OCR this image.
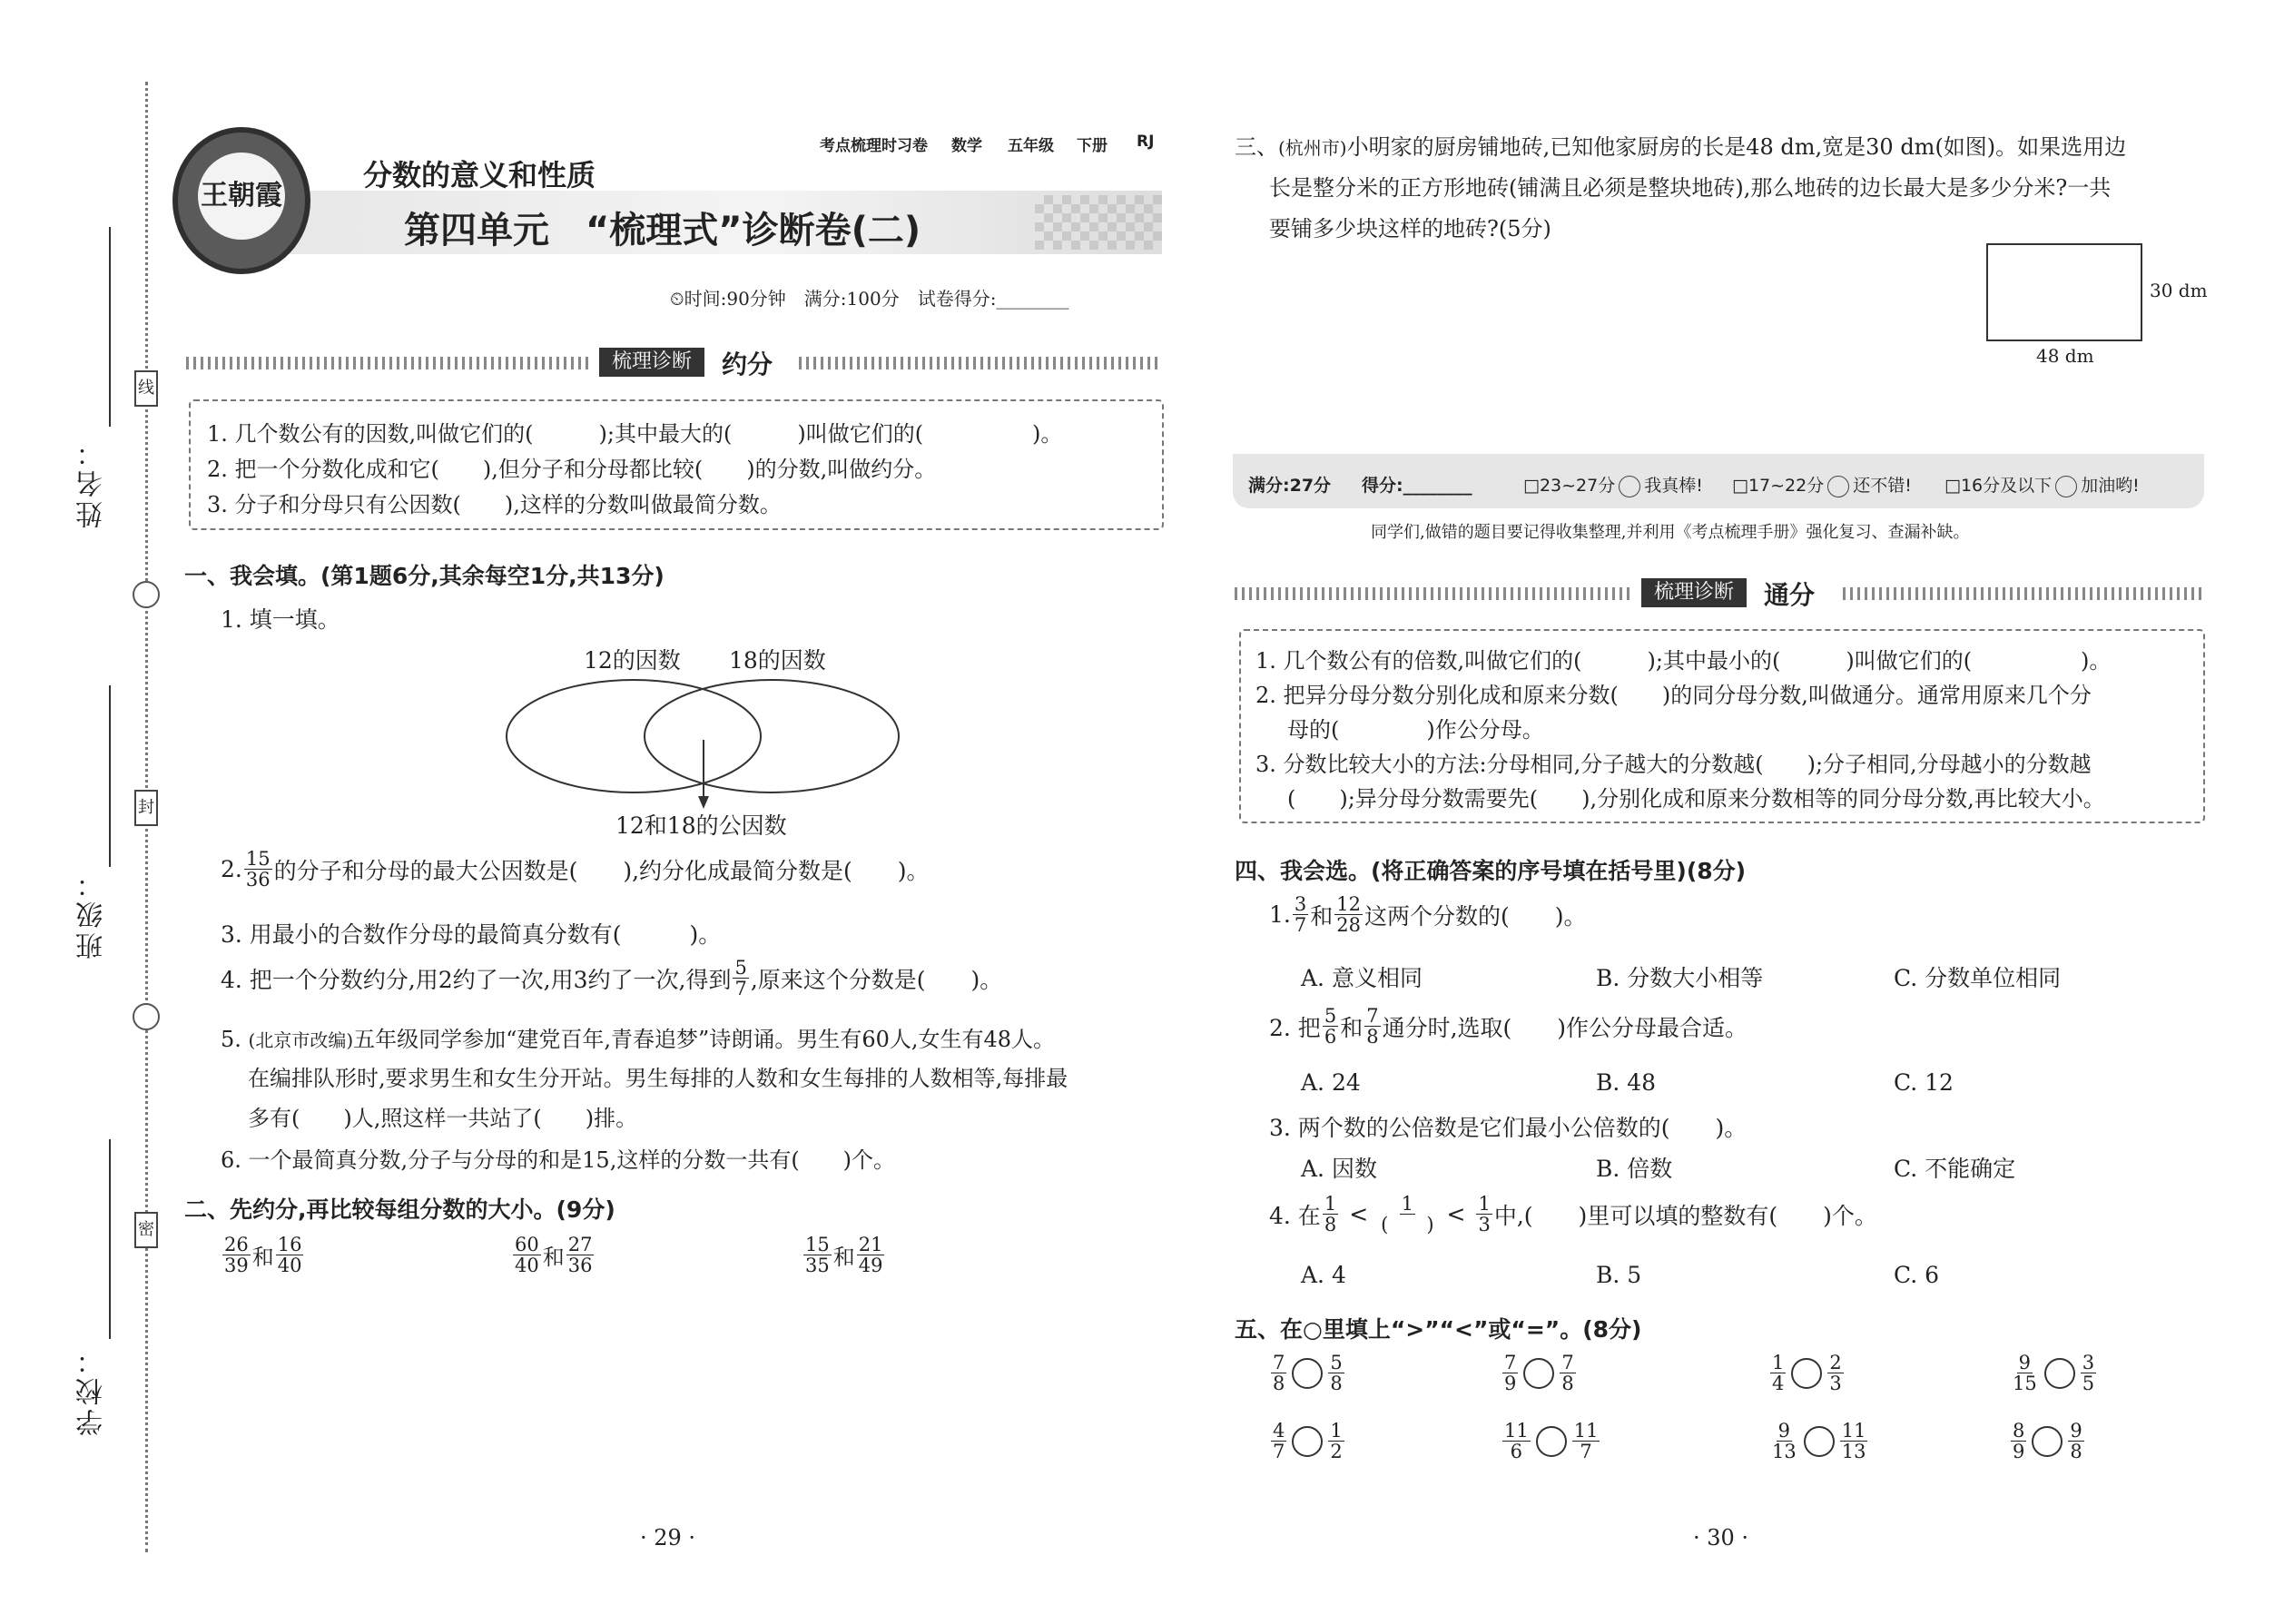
姓名：
班级：
学校：
线
封
密
考点梳理时习卷 数学 五年级 下册 RJ
王朝霞
分数的意义和性质
第四单元　“梳理式”诊断卷(二)
⏲时间:90分钟　满分:100分　试卷得分:________
梳理诊断	约分
1. 几个数公有的因数,叫做它们的(　　　);其中最大的(　　　)叫做它们的(　　　　　)。
2. 把一个分数化成和它(　　),但分子和分母都比较(　　)的分数,叫做约分。
3. 分子和分母只有公因数(　　),这样的分数叫做最简分数。
一、我会填。(第1题6分,其余每空1分,共13分)
1. 填一填。
12的因数 18的因数
12和18的公因数
2. $\frac{15}{36}$ 的分子和分母的最大公因数是(　　),约分化成最简分数是(　　)。
3. 用最小的合数作分母的最简真分数有(　　　)。
4. 把一个分数约分,用2约了一次,用3约了一次,得到 $\frac{5}{7}$ ,原来这个分数是(　　)。
5. (北京市改编)五年级同学参加“建党百年,青春追梦”诗朗诵。男生有60人,女生有48人。
在编排队形时,要求男生和女生分开站。男生每排的人数和女生每排的人数相等,每排最
多有(　　)人,照这样一共站了(　　)排。
6. 一个最简真分数,分子与分母的和是15,这样的分数一共有(　　)个。
二、先约分,再比较每组分数的大小。(9分)
$\frac{26}{39}$ 和 $\frac{16}{40}$	$\frac{60}{40}$ 和 $\frac{27}{36}$	$\frac{15}{35}$ 和 $\frac{21}{49}$
· 29 ·
三、(杭州市)小明家的厨房铺地砖,已知他家厨房的长是48 dm,宽是30 dm(如图)。如果选用边
长是整分米的正方形地砖(铺满且必须是整块地砖),那么地砖的边长最大是多少分米?一共
要铺多少块这样的地砖?(5分)
30 dm
48 dm
满分:27分 得分:________	□23~27分 我真棒! □17~22分 还不错! □16分及以下 加油哟!
同学们,做错的题目要记得收集整理,并利用《考点梳理手册》强化复习、查漏补缺。
梳理诊断	通分
1. 几个数公有的倍数,叫做它们的(　　　);其中最小的(　　　)叫做它们的(　　　　　)。
2. 把异分母分数分别化成和原来分数(　　)的同分母分数,叫做通分。通常用原来几个分
母的(　　　　)作公分母。
3. 分数比较大小的方法:分母相同,分子越大的分数越(　　);分子相同,分母越小的分数越
(　　);异分母分数需要先(　　),分别化成和原来分数相等的同分母分数,再比较大小。
四、我会选。(将正确答案的序号填在括号里)(8分)
1. $\frac{3}{7}$ 和 $\frac{12}{28}$ 这两个分数的(　　)。
A. 意义相同	B. 分数大小相等	C. 分数单位相同
2. 把 $\frac{5}{6}$ 和 $\frac{7}{8}$ 通分时,选取(　　)作公分母最合适。
A. 24	B. 48	C. 12
3. 两个数的公倍数是它们最小公倍数的(　　)。
A. 因数	B. 倍数	C. 不能确定
4. 在 $\frac{1}{8} < \frac{1}{( )} < \frac{1}{3}$ 中,(　　)里可以填的整数有(　　)个。
A. 4	B. 5	C. 6
五、在○里填上“>”“<”或“=”。(8分)
$\frac{7}{8} \frac{5}{8}$	$\frac{7}{9} \frac{7}{8}$	$\frac{1}{4} \frac{2}{3}$	$\frac{9}{15} \frac{3}{5}$
$\frac{4}{7} \frac{1}{2}$	$\frac{11}{6} \frac{11}{7}$	$\frac{9}{13} \frac{11}{13}$	$\frac{8}{9} \frac{9}{8}$
· 30 ·
